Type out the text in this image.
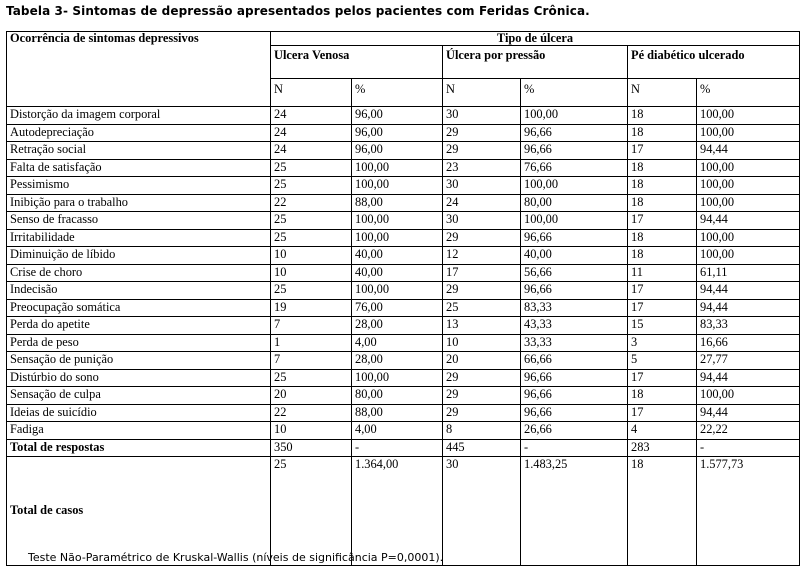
Tabela 3- Sintomas de depressão apresentados pelos pacientes com Feridas Crônica.
Ocorrência de sintomas depressivos	Tipo de úlcera					
	Ulcera Venosa		Úlcera por pressão		Pé diabético ulcerado	
	N	%	N	%	N	%
Distorção da imagem corporal	24	96,00	30	100,00	18	100,00
Autodepreciação	24	96,00	29	96,66	18	100,00
Retração social	24	96,00	29	96,66	17	94,44
Falta de satisfação	25	100,00	23	76,66	18	100,00
Pessimismo	25	100,00	30	100,00	18	100,00
Inibição para o trabalho	22	88,00	24	80,00	18	100,00
Senso de fracasso	25	100,00	30	100,00	17	94,44
Irritabilidade	25	100,00	29	96,66	18	100,00
Diminuição de líbido	10	40,00	12	40,00	18	100,00
Crise de choro	10	40,00	17	56,66	11	61,11
Indecisão	25	100,00	29	96,66	17	94,44
Preocupação somática	19	76,00	25	83,33	17	94,44
Perda do apetite	7	28,00	13	43,33	15	83,33
Perda de peso	1	4,00	10	33,33	3	16,66
Sensação de punição	7	28,00	20	66,66	5	27,77
Distúrbio do sono	25	100,00	29	96,66	17	94,44
Sensação de culpa	20	80,00	29	96,66	18	100,00
Ideias de suicídio	22	88,00	29	96,66	17	94,44
Fadiga	10	4,00	8	26,66	4	22,22
Total de respostas	350	-	445	-	283	-
Total de casos	25	1.364,00	30	1.483,25	18	1.577,73
Teste Não-Paramétrico de Kruskal-Wallis (níveis de significância P=0,0001).
